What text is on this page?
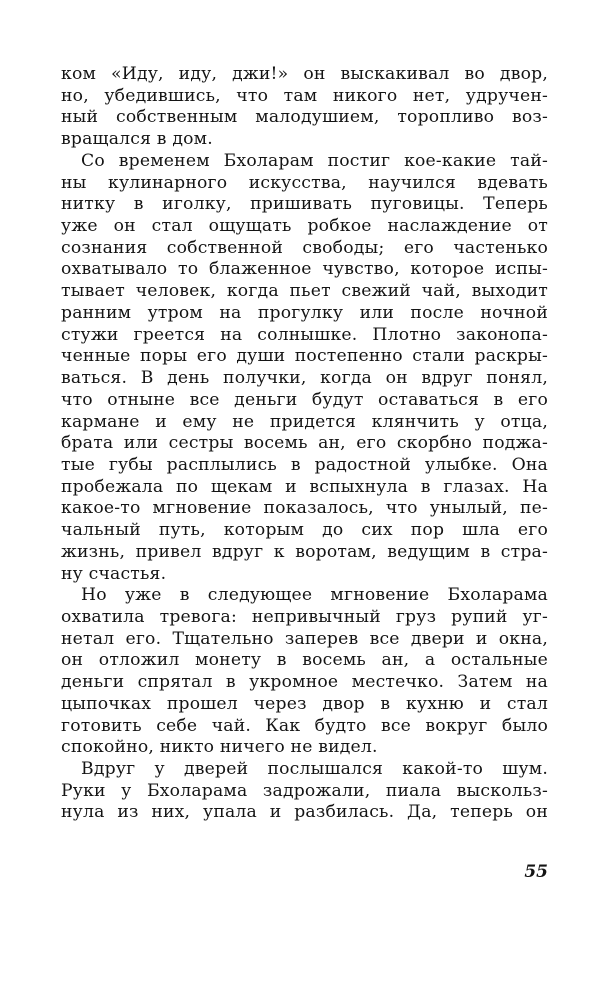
ком «Иду, иду, джи!» он выскакивал во двор,
но, убедившись, что там никого нет, удручен-
ный собственным малодушием, торопливо воз-
вращался в дом.
Со временем Бхоларам постиг кое-какие тай-
ны кулинарного искусства, научился вдевать
нитку в иголку, пришивать пуговицы. Теперь
уже он стал ощущать робкое наслаждение от
сознания собственной свободы; его частенько
охватывало то блаженное чувство, которое испы-
тывает человек, когда пьет свежий чай, выходит
ранним утром на прогулку или после ночной
стужи греется на солнышке. Плотно законопа-
ченные поры его души постепенно стали раскры-
ваться. В день получки, когда он вдруг понял,
что отныне все деньги будут оставаться в его
кармане и ему не придется клянчить у отца,
брата или сестры восемь ан, его скорбно поджа-
тые губы расплылись в радостной улыбке. Она
пробежала по щекам и вспыхнула в глазах. На
какое-то мгновение показалось, что унылый, пе-
чальный путь, которым до сих пор шла его
жизнь, привел вдруг к воротам, ведущим в стра-
ну счастья.
Но уже в следующее мгновение Бхоларама
охватила тревога: непривычный груз рупий уг-
нетал его. Тщательно заперев все двери и окна,
он отложил монету в восемь ан, а остальные
деньги спрятал в укромное местечко. Затем на
цыпочках прошел через двор в кухню и стал
готовить себе чай. Как будто все вокруг было
спокойно, никто ничего не видел.
Вдруг у дверей послышался какой-то шум.
Руки у Бхоларама задрожали, пиала выскольз-
нула из них, упала и разбилась. Да, теперь он
55
